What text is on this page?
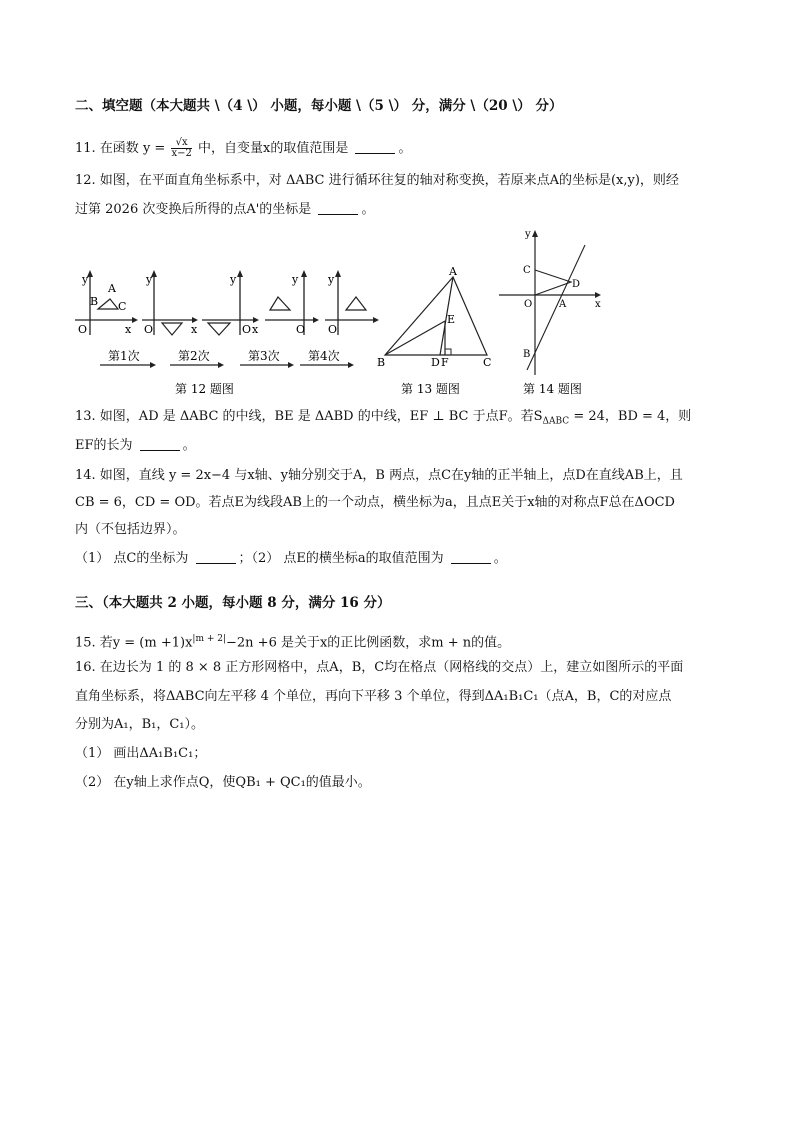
二、填空题（本大题共 \（4 \） 小题，每小题 \（5 \） 分，满分 \（20 \） 分）
11. 在函数 $y = \frac{√x}{x-2}$ 中，自变量x的取值范围是	。
12. 如图，在平面直角坐标系中，对 ΔABC 进行循环往复的轴对称变换，若原来点A的坐标是(x,y)，则经
过第 2026 次变换后所得的点A'的坐标是	。
y
x
O
A
B C
y
O	x
y
O x
y
O
y
O
第1次	第2次	第3次 第4次
第 12 题图
A
B	C
D
E
F
第 13 题图
y
x
C
D
A
B
O
第 14 题图
13. 如图，AD 是 ΔABC 的中线，BE 是 ΔABD 的中线，EF ⊥ BC 于点F。若$S_{\Delta ABC} = 24$，BD = 4，则
EF的长为	。
14. 如图，直线 y = 2x−4 与x轴、y轴分别交于A，B 两点，点C在y轴的正半轴上，点D在直线AB上，且
CB = 6，CD = OD。若点E为线段AB上的一个动点，横坐标为a，且点E关于x轴的对称点F总在ΔOCD
内（不包括边界）。
（1） 点C的坐标为	；（2） 点E的横坐标a的取值范围为	。
三、（本大题共 2 小题，每小题 8 分，满分 16 分）
15. 若$y = (m +1)x^{|m + 2|}-2n +6$ 是关于x的正比例函数，求m + n的值。
16. 在边长为 1 的 8 × 8 正方形网格中，点A，B，C均在格点（网格线的交点）上，建立如图所示的平面
直角坐标系，将ΔABC向左平移 4 个单位，再向下平移 3 个单位，得到ΔA₁B₁C₁（点A，B，C的对应点
分别为A₁，B₁，C₁）。
（1） 画出ΔA₁B₁C₁；
（2） 在y轴上求作点Q，使QB₁ + QC₁的值最小。
